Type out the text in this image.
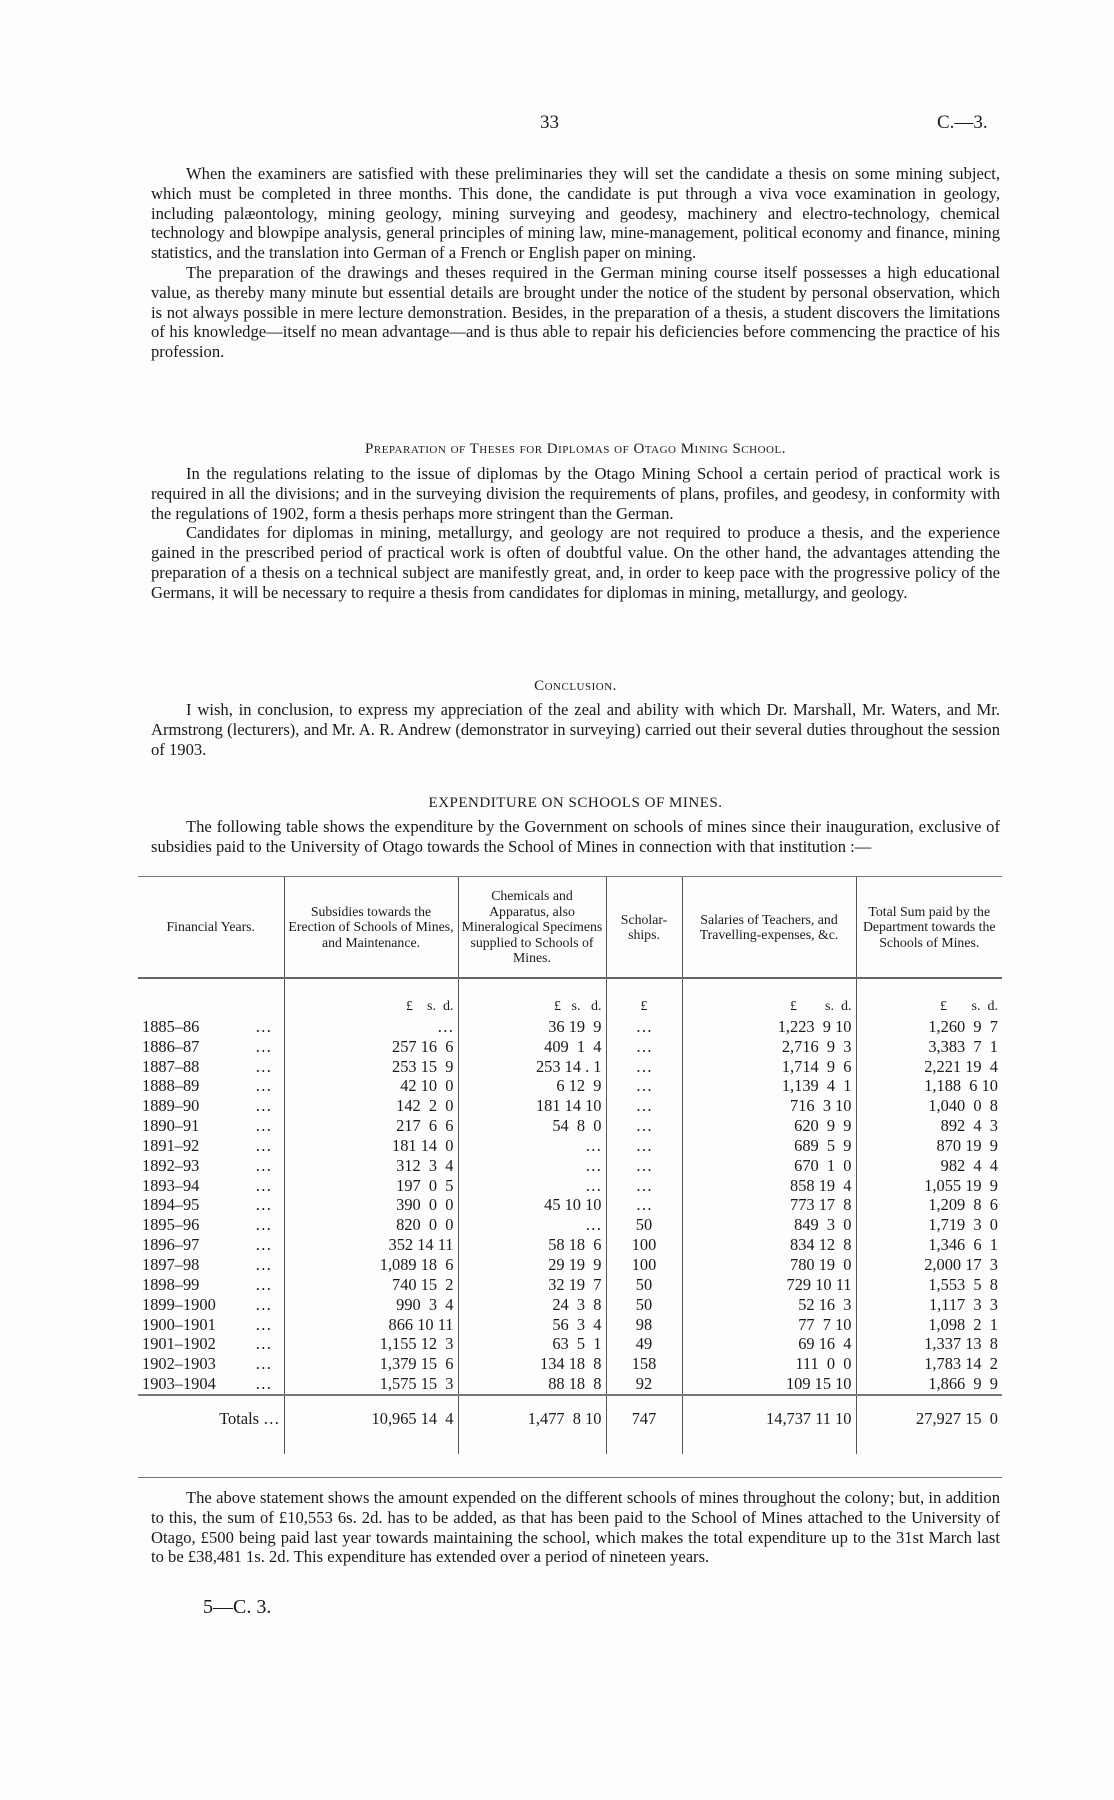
33	C.—3.

When the examiners are satisfied with these preliminaries they will set the candidate a thesis on some mining subject, which must be completed in three months. This done, the candidate is put through a viva voce examination in geology, including palæontology, mining geology, mining surveying and geodesy, machinery and electro-technology, chemical technology and blowpipe analysis, general principles of mining law, mine-management, political economy and finance, mining statistics, and the translation into German of a French or English paper on mining.

The preparation of the drawings and theses required in the German mining course itself possesses a high educational value, as thereby many minute but essential details are brought under the notice of the student by personal observation, which is not always possible in mere lecture demonstration. Besides, in the preparation of a thesis, a student discovers the limitations of his knowledge—itself no mean advantage—and is thus able to repair his deficiencies before commencing the practice of his profession.

Preparation of Theses for Diplomas of Otago Mining School.

In the regulations relating to the issue of diplomas by the Otago Mining School a certain period of practical work is required in all the divisions; and in the surveying division the requirements of plans, profiles, and geodesy, in conformity with the regulations of 1902, form a thesis perhaps more stringent than the German.

Candidates for diplomas in mining, metallurgy, and geology are not required to produce a thesis, and the experience gained in the prescribed period of practical work is often of doubtful value. On the other hand, the advantages attending the preparation of a thesis on a technical subject are manifestly great, and, in order to keep pace with the progressive policy of the Germans, it will be necessary to require a thesis from candidates for diplomas in mining, metallurgy, and geology.

Conclusion.

I wish, in conclusion, to express my appreciation of the zeal and ability with which Dr. Marshall, Mr. Waters, and Mr. Armstrong (lecturers), and Mr. A. R. Andrew (demonstrator in surveying) carried out their several duties throughout the session of 1903.

EXPENDITURE ON SCHOOLS OF MINES.

The following table shows the expenditure by the Government on schools of mines since their inauguration, exclusive of subsidies paid to the University of Otago towards the School of Mines in connection with that institution :—

Financial Years.	Subsidies towards the Erection of Schools of Mines, and Maintenance.	Chemicals and Apparatus, also Mineralogical Specimens supplied to Schools of Mines.	Scholar-ships.	Salaries of Teachers, and Travelling-expenses, &c.	Total Sum paid by the Department towards the Schools of Mines.
	£    s.  d.	£   s.   d.	£	£        s.  d.	£       s.  d.
1885–86 …	…	36 19  9	…	1,223  9 10	1,260  9  7
1886–87 …	257 16  6	409  1  4	…	2,716  9  3	3,383  7  1
1887–88 …	253 15  9	253 14 . 1	…	1,714  9  6	2,221 19  4
1888–89 …	42 10  0	6 12  9	…	1,139  4  1	1,188  6 10
1889–90 …	142  2  0	181 14 10	…	716  3 10	1,040  0  8
1890–91 …	217  6  6	54  8  0	…	620  9  9	892  4  3
1891–92 …	181 14  0	…	…	689  5  9	870 19  9
1892–93 …	312  3  4	…	…	670  1  0	982  4  4
1893–94 …	197  0  5	…	…	858 19  4	1,055 19  9
1894–95 …	390  0  0	45 10 10	…	773 17  8	1,209  8  6
1895–96 …	820  0  0	…	50	849  3  0	1,719  3  0
1896–97 …	352 14 11	58 18  6	100	834 12  8	1,346  6  1
1897–98 …	1,089 18  6	29 19  9	100	780 19  0	2,000 17  3
1898–99 …	740 15  2	32 19  7	50	729 10 11	1,553  5  8
1899–1900 …	990  3  4	24  3  8	50	52 16  3	1,117  3  3
1900–1901 …	866 10 11	56  3  4	98	77  7 10	1,098  2  1
1901–1902 …	1,155 12  3	63  5  1	49	69 16  4	1,337 13  8
1902–1903 …	1,379 15  6	134 18  8	158	111  0  0	1,783 14  2
1903–1904 …	1,575 15  3	88 18  8	92	109 15 10	1,866  9  9
Totals …	10,965 14  4	1,477  8 10	747	14,737 11 10	27,927 15  0

The above statement shows the amount expended on the different schools of mines throughout the colony; but, in addition to this, the sum of £10,553 6s. 2d. has to be added, as that has been paid to the School of Mines attached to the University of Otago, £500 being paid last year towards maintaining the school, which makes the total expenditure up to the 31st March last to be £38,481 1s. 2d. This expenditure has extended over a period of nineteen years.

5—C. 3.
